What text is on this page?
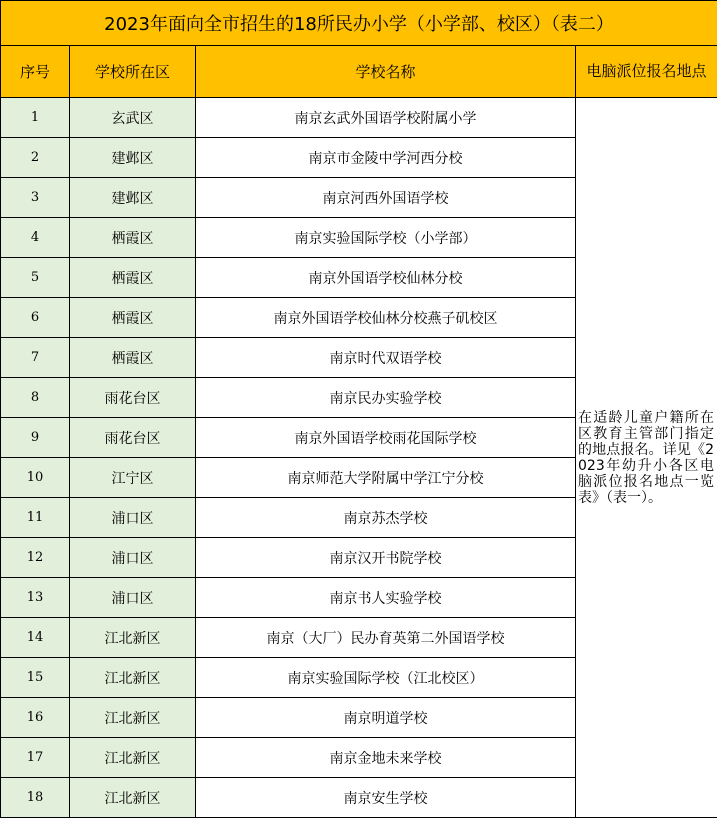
2023年面向全市招生的18所民办小学（小学部、校区）（表二）			
序号	学校所在区	学校名称	电脑派位报名地点
1	玄武区	南京玄武外国语学校附属小学	在适龄儿童户籍所在区教育主管部门指定的地点报名。详见《2023年幼升小各区电脑派位报名地点一览表》（表一）。
2	建邺区	南京市金陵中学河西分校	
3	建邺区	南京河西外国语学校	
4	栖霞区	南京实验国际学校（小学部）	
5	栖霞区	南京外国语学校仙林分校	
6	栖霞区	南京外国语学校仙林分校燕子矶校区	
7	栖霞区	南京时代双语学校	
8	雨花台区	南京民办实验学校	
9	雨花台区	南京外国语学校雨花国际学校	
10	江宁区	南京师范大学附属中学江宁分校	
11	浦口区	南京苏杰学校	
12	浦口区	南京汉开书院学校	
13	浦口区	南京书人实验学校	
14	江北新区	南京（大厂）民办育英第二外国语学校	
15	江北新区	南京实验国际学校（江北校区）	
16	江北新区	南京明道学校	
17	江北新区	南京金地未来学校	
18	江北新区	南京安生学校	
